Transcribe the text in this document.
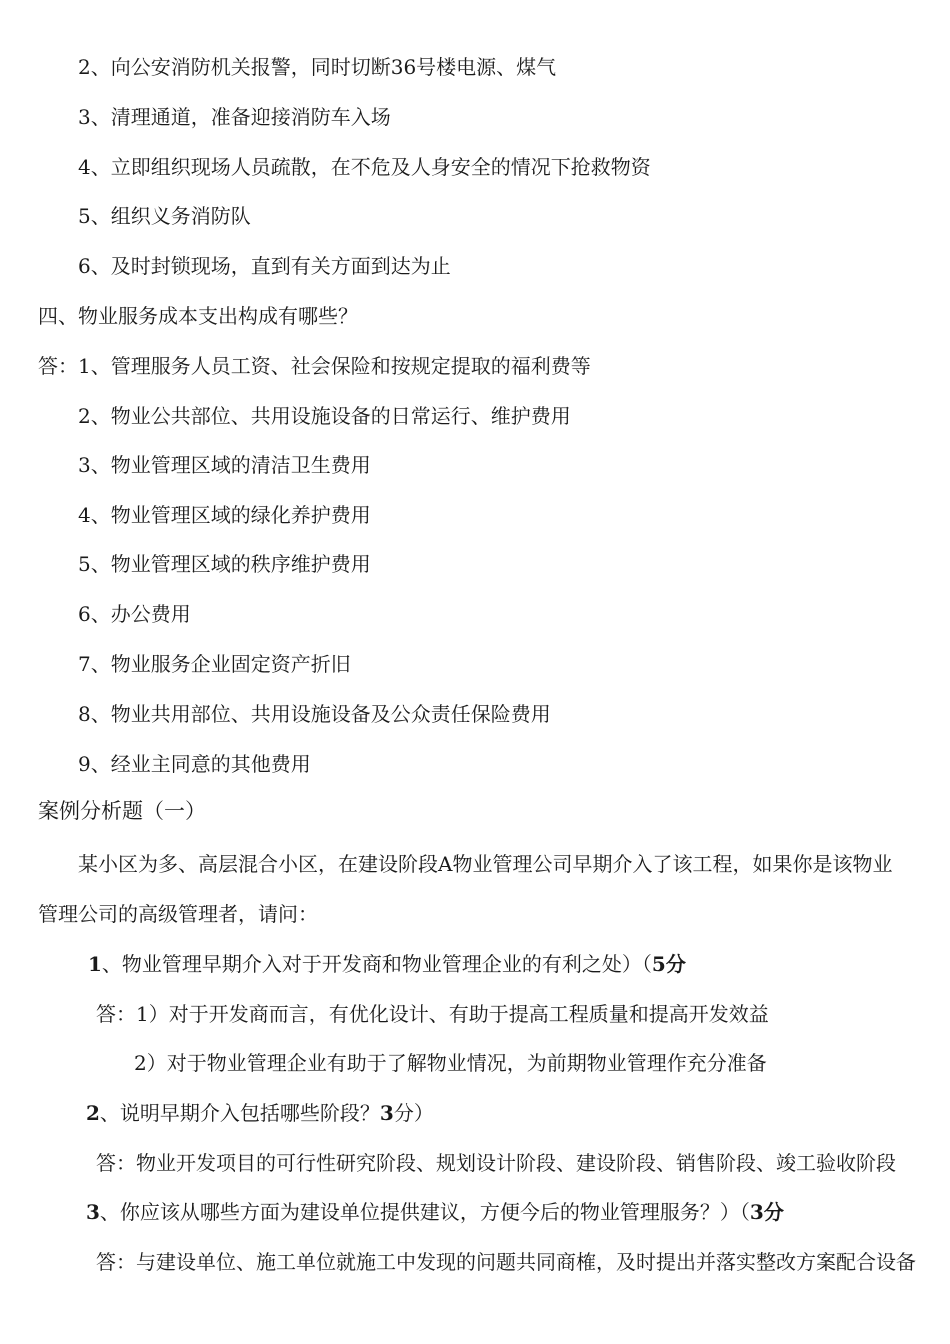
2、向公安消防机关报警，同时切断36号楼电源、煤气
3、清理通道，准备迎接消防车入场
4、立即组织现场人员疏散，在不危及人身安全的情况下抢救物资
5、组织义务消防队
6、及时封锁现场，直到有关方面到达为止
四、物业服务成本支出构成有哪些？
答：1、管理服务人员工资、社会保险和按规定提取的福利费等
2、物业公共部位、共用设施设备的日常运行、维护费用
3、物业管理区域的清洁卫生费用
4、物业管理区域的绿化养护费用
5、物业管理区域的秩序维护费用
6、办公费用
7、物业服务企业固定资产折旧
8、物业共用部位、共用设施设备及公众责任保险费用
9、经业主同意的其他费用
案例分析题（一）
某小区为多、高层混合小区，在建设阶段A物业管理公司早期介入了该工程，如果你是该物业
管理公司的高级管理者，请问：
1、物业管理早期介入对于开发商和物业管理企业的有利之处）（5分
答：1）对于开发商而言，有优化设计、有助于提高工程质量和提高开发效益
2）对于物业管理企业有助于了解物业情况，为前期物业管理作充分准备
2、说明早期介入包括哪些阶段？3分）
答：物业开发项目的可行性研究阶段、规划设计阶段、建设阶段、销售阶段、竣工验收阶段
3、你应该从哪些方面为建设单位提供建议，方便今后的物业管理服务？）（3分
答：与建设单位、施工单位就施工中发现的问题共同商榷，及时提出并落实整改方案配合设备
